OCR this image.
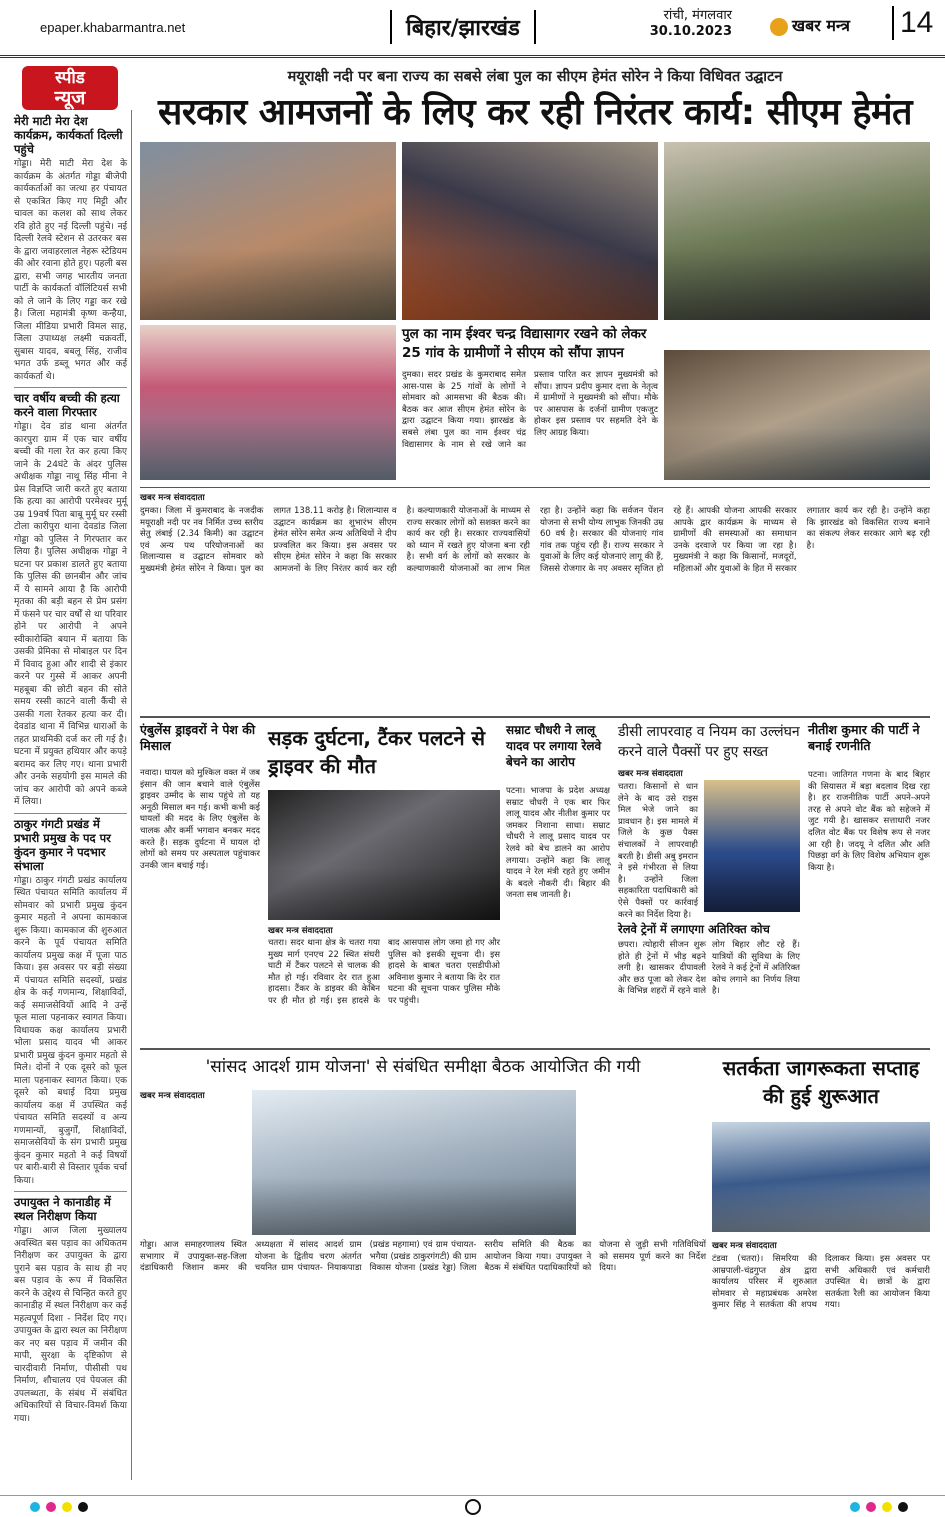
epaper.khabarmantra.net	बिहार/झारखंड
रांची, मंगलवार
30.10.2023	खबर मन्त्र 14
स्पीड
न्यूज
मेरी माटी मेरा देश कार्यक्रम, कार्यकर्ता दिल्ली पहुंचे

गोड्डा। मेरी माटी मेरा देश के कार्यक्रम के अंतर्गत गोड्डा बीजेपी कार्यकर्ताओं का जत्था हर पंचायत से एकत्रित किए गए मिट्टी और चावल का कलश को साथ लेकर रवि होते हुए नई दिल्ली पहुंचे। नई दिल्ली रेलवे स्टेशन से उतरकर बस के द्वारा जवाहरलाल नेहरू स्टेडियम की ओर रवाना होते हुए। पहली बस द्वारा, सभी जगह भारतीय जनता पार्टी के कार्यकर्ता वॉलिंटियर्स सभी को ले जाने के लिए गड्डा कर रखे है। जिला महामंत्री कृष्ण कन्हैया, जिला मीडिया प्रभारी विमल साह, जिला उपाध्यक्ष लक्ष्मी चक्रवर्ती, सुबास यादव, बबलू सिंह, राजीव भगत उर्फ डब्लू भगत और कई कार्यकर्ता थे।

चार वर्षीय बच्ची की हत्या करने वाला गिरफ्तार

गोड्डा। देव डांड थाना अंतर्गत कारपुरा ग्राम में एक चार वर्षीय बच्ची की गला रेत कर हत्या किए जाने के 24घंटे के अंदर पुलिस अधीक्षक गोड्डा नाथू सिंह मीना ने प्रेस विज्ञप्ति जारी करते हुए बताया कि हत्या का आरोपी परमेश्वर मुर्मू उम्र 19वर्ष पिता बाबू मुर्मू घर रस्सी टोला कारीपुरा थाना देवडांड जिला गोड्डा को पुलिस ने गिरफ्तार कर लिया है। पुलिस अधीक्षक गोड्डा ने घटना पर प्रकाश डालते हुए बताया कि पुलिस की छानबीन और जांच में ये सामने आया है कि आरोपी मृतका की बड़ी बहन से प्रेम प्रसंग में फंसने पर चार वर्षों से था परिवार होने पर आरोपी ने अपने स्वीकारोक्ति बयान में बताया कि उसकी प्रेमिका से मोबाइल पर दिन में विवाद हुआ और शादी से इंकार करने पर गुस्से में आकर अपनी महबूबा की छोटी बहन की सोते समय रस्सी काटने वाली कैंची से उसकी गला रेतकर हत्या कर दी। देवडांड थाना में विभिन्न धाराओं के तहत प्राथमिकी दर्ज कर ली गई है। घटना में प्रयुक्त हथियार और कपड़े बरामद कर लिए गए। थाना प्रभारी और उनके सहयोगी इस मामले की जांच कर आरोपी को अपने कब्जे में लिया।

ठाकुर गंगटी प्रखंड में प्रभारी प्रमुख के पद पर कुंदन कुमार ने पदभार संभाला

गोड्डा। ठाकुर गंगटी प्रखंड कार्यालय स्थित पंचायत समिति कार्यालय में सोमवार को प्रभारी प्रमुख कुंदन कुमार महतो ने अपना कामकाज शुरू किया। कामकाज की शुरुआत करने के पूर्व पंचायत समिति कार्यालय प्रमुख कक्ष में पूजा पाठ किया। इस अवसर पर बड़ी संख्या में पंचायत समिति सदस्यों, प्रखंड क्षेत्र के कई गणमान्य, शिक्षाविदों, कई समाजसेवियों आदि ने उन्हें फूल माला पहनाकर स्वागत किया। विधायक कक्ष कार्यालय प्रभारी भोला प्रसाद यादव भी आकर प्रभारी प्रमुख कुंदन कुमार महतो से मिले। दोनों ने एक दूसरे को फूल माला पहनाकर स्वागत किया। एक दूसरे को बधाई दिया प्रमुख कार्यालय कक्ष में उपस्थित कई पंचायत समिति सदस्यों व अन्य गणमान्यों, बुजुर्गों, शिक्षाविदों, समाजसेवियों के संग प्रभारी प्रमुख कुंदन कुमार महतो ने कई विषयों पर बारी-बारी से विस्तार पूर्वक चर्चा किया।

उपायुक्त ने कानाडीह में स्थल निरीक्षण किया

गोड्डा। आज जिला मुख्यालय अवस्थित बस पड़ाव का अधिकतम निरीक्षण कर उपायुक्त के द्वारा पुराने बस पड़ाव के साथ ही नए बस पड़ाव के रूप में विकसित करने के उद्देश्य से चिन्हित करते हुए कानाडीह में स्थल निरीक्षण कर कई महत्वपूर्ण दिशा - निर्देश दिए गए। उपायुक्त के द्वारा स्थल का निरीक्षण कर नए बस पड़ाव में जमीन की मापी, सुरक्षा के दृष्टिकोण से चारदीवारी निर्माण, पीसीसी पथ निर्माण, शौचालय एवं पेयजल की उपलब्धता, के संबंध में संबंधित अधिकारियों से विचार-विमर्श किया गया।

मयूराक्षी नदी पर बना राज्य का सबसे लंबा पुल का सीएम हेमंत सोरेन ने किया विधिवत उद्घाटन
सरकार आमजनों के लिए कर रही निरंतर कार्य: सीएम हेमंत
पुल का नाम ईश्वर चन्द्र विद्यासागर रखने को लेकर 25 गांव के ग्रामीणों ने सीएम को सौंपा ज्ञापन
दुमका। सदर प्रखंड के कुमराबाद समेत आस-पास के 25 गांवों के लोगों ने सोमवार को आमसभा की बैठक की। बैठक कर आज सीएम हेमंत सोरेन के द्वारा उद्घाटन किया गया। झारखंड के सबसे लंबा पुल का नाम ईश्वर चंद्र विद्यासागर के नाम से रखे जाने का प्रस्ताव पारित कर ज्ञापन मुख्यमंत्री को सौंपा। ज्ञापन प्रदीप कुमार दत्ता के नेतृत्व में ग्रामीणों ने मुख्यमंत्री को सौंपा। मौके पर आसपास के दर्जनों ग्रामीण एकजुट होकर इस प्रस्ताव पर सहमति देने के लिए आग्रह किया।
खबर मन्त्र संवाददाता
दुमका। जिला में कुमराबाद के नजदीक मयूराक्षी नदी पर नव निर्मित उच्च स्तरीय सेतु लंबाई (2.34 किमी) का उद्घाटन एवं अन्य पथ परियोजनाओं का शिलान्यास व उद्घाटन सोमवार को मुख्यमंत्री हेमंत सोरेन ने किया। पुल का लागत 138.11 करोड़ है। शिलान्यास व उद्घाटन कार्यक्रम का शुभारंभ सीएम हेमंत सोरेन समेत अन्य अतिथियों ने दीप प्रज्वलित कर किया। इस अवसर पर सीएम हेमंत सोरेन ने कहा कि सरकार आमजनों के लिए निरंतर कार्य कर रही है। कल्याणकारी योजनाओं के माध्यम से राज्य सरकार लोगों को सशक्त करने का कार्य कर रही है। सरकार राज्यवासियों को ध्यान में रखते हुए योजना बना रही है। सभी वर्ग के लोगों को सरकार के कल्याणकारी योजनाओं का लाभ मिल रहा है। उन्होंने कहा कि सर्वजन पेंशन योजना से सभी योग्य लाभुक जिनकी उम्र 60 वर्ष है। सरकार की योजनाएं गांव गांव तक पहुंच रही हैं। राज्य सरकार ने युवाओं के लिए कई योजनाएं लागू की हैं, जिससे रोजगार के नए अवसर सृजित हो रहे हैं। आपकी योजना आपकी सरकार आपके द्वार कार्यक्रम के माध्यम से ग्रामीणों की समस्याओं का समाधान उनके दरवाजे पर किया जा रहा है। मुख्यमंत्री ने कहा कि किसानों, मजदूरों, महिलाओं और युवाओं के हित में सरकार लगातार कार्य कर रही है। उन्होंने कहा कि झारखंड को विकसित राज्य बनाने का संकल्प लेकर सरकार आगे बढ़ रही है।
एंबुलेंस ड्राइवरों ने पेश की मिसाल
नवादा। घायल को मुश्किल वक्त में जब इंसान की जान बचाने वाले एंबुलेंस ड्राइवर उम्मीद के साथ पहुंचे तो यह अनूठी मिसाल बन गई। कभी कभी कई घायलों की मदद के लिए एंबुलेंस के चालक और कर्मी भगवान बनकर मदद करते हैं। सड़क दुर्घटना में घायल दो लोगों को समय पर अस्पताल पहुंचाकर उनकी जान बचाई गई।
सड़क दुर्घटना, टैंकर पलटने से ड्राइवर की मौत
खबर मन्त्र संवाददाता
चतरा। सदर थाना क्षेत्र के चतरा गया मुख्य मार्ग एनएच 22 स्थित संघरी घाटी में टैंकर पलटने से चालक की मौत हो गई। रविवार देर रात हुआ हादसा। टैंकर के डाइवर की केबिन पर ही मौत हो गई। इस हादसे के बाद आसपास लोग जमा हो गए और पुलिस को इसकी सूचना दी। इस हादसे के बाबत चतरा एसडीपीओ अविनाश कुमार ने बताया कि देर रात घटना की सूचना पाकर पुलिस मौके पर पहुंची।
सम्राट चौधरी ने लालू यादव पर लगाया रेलवे बेचने का आरोप
पटना। भाजपा के प्रदेश अध्यक्ष सम्राट चौधरी ने एक बार फिर लालू यादव और नीतीश कुमार पर जमकर निशाना साधा। सम्राट चौधरी ने लालू प्रसाद यादव पर रेलवे को बेच डालने का आरोप लगाया। उन्होंने कहा कि लालू यादव ने रेल मंत्री रहते हुए जमीन के बदले नौकरी दी। बिहार की जनता सब जानती है।
डीसी लापरवाह व नियम का उल्लंघन करने वाले पैक्सों पर हुए सख्त
खबर मन्त्र संवाददाता
चतरा। किसानों से धान लेने के बाद उसे राइस मिल भेजे जाने का प्रावधान है। इस मामले में जिले के कुछ पैक्स संचालकों ने लापरवाही बरती है। डीसी अबु इमरान ने इसे गंभीरता से लिया है। उन्होंने जिला सहकारिता पदाधिकारी को ऐसे पैक्सों पर कार्रवाई करने का निर्देश दिया है।
रेलवे ट्रेनों में लगाएगा अतिरिक्त कोच
छपरा। त्योहारी सीजन शुरू होते ही ट्रेनों में भीड़ बढ़ने लगी है। खासकर दीपावली और छठ पूजा को लेकर देश के विभिन्न शहरों में रहने वाले लोग बिहार लौट रहे हैं। यात्रियों की सुविधा के लिए रेलवे ने कई ट्रेनों में अतिरिक्त कोच लगाने का निर्णय लिया है।
नीतीश कुमार की पार्टी ने बनाई रणनीति
पटना। जातिगत गणना के बाद बिहार की सियासत में बड़ा बदलाव दिख रहा है। हर राजनीतिक पार्टी अपने-अपने तरह से अपने वोट बैंक को सहेजने में जुट गयी है। खासकर सत्ताधारी नजर दलित वोट बैंक पर विशेष रूप से नजर आ रही है। जदयू ने दलित और अति पिछड़ा वर्ग के लिए विशेष अभियान शुरू किया है।
'सांसद आदर्श ग्राम योजना' से संबंधित समीक्षा बैठक आयोजित की गयी
खबर मन्त्र संवाददाता
गोड्डा। आज समाहरणालय स्थित सभागार में उपायुक्त-सह-जिला दंडाधिकारी जिशान कमर की अध्यक्षता में सांसद आदर्श ग्राम योजना के द्वितीय चरण अंतर्गत चयनित ग्राम पंचायत- नियाकपाडा (प्रखंड महगामा) एवं ग्राम पंचायत- भगैया (प्रखंड ठाकुरगंगटी) की ग्राम विकास योजना (प्रखंड रेड्डा) जिला स्तरीय समिति की बैठक का आयोजन किया गया। उपायुक्त ने बैठक में संबंधित पदाधिकारियों को योजना से जुड़ी सभी गतिविधियों को ससमय पूर्ण करने का निर्देश दिया।
सतर्कता जागरूकता सप्ताह की हुई शुरूआत
खबर मन्त्र संवाददाता
टंडवा (चतरा)। सिमरिया की आम्रपाली-चंद्रगुप्त क्षेत्र द्वारा कार्यालय परिसर में शुरुआत सोमवार से महाप्रबंधक अमरेश कुमार सिंह ने सतर्कता की शपथ दिलाकर किया। इस अवसर पर सभी अधिकारी एवं कर्मचारी उपस्थित थे। छात्रों के द्वारा सतर्कता रैली का आयोजन किया गया।
